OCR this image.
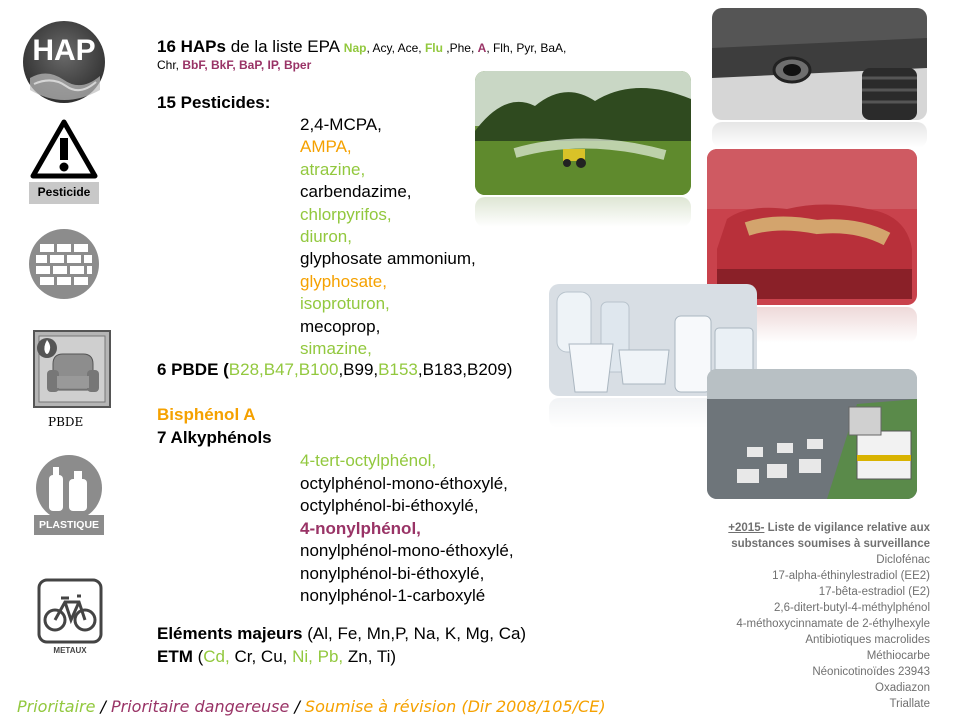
HAP
Pesticide
PBDE
PLASTIQUE
METAUX
16 HAPs de la liste EPA Nap, Acy, Ace, Flu ,Phe, A, Flh, Pyr, BaA,
Chr, BbF, BkF, BaP, IP, Bper
15 Pesticides:
2,4-MCPA,
AMPA,
atrazine,
carbendazime,
chlorpyrifos,
diuron,
glyphosate ammonium,
glyphosate,
isoproturon,
mecoprop,
simazine,
6 PBDE (B28,B47,B100,B99,B153,B183,B209)
Bisphénol A
7 Alkyphénols
4-tert-octylphénol,
octylphénol-mono-éthoxylé,
octylphénol-bi-éthoxylé,
4-nonylphénol,
nonylphénol-mono-éthoxylé,
nonylphénol-bi-éthoxylé,
nonylphénol-1-carboxylé
Eléments majeurs (Al, Fe, Mn,P, Na, K, Mg, Ca)
ETM (Cd, Cr, Cu, Ni, Pb, Zn, Ti)
+2015- Liste de vigilance relative aux
substances soumises à surveillance
Diclofénac
17-alpha-éthinylestradiol (EE2)
17-bêta-estradiol (E2)
2,6-ditert-butyl-4-méthylphénol
4-méthoxycinnamate de 2-éthylhexyle
Antibiotiques macrolides
Méthiocarbe
Néonicotinoïdes 23943
Oxadiazon
Triallate
Prioritaire / Prioritaire dangereuse / Soumise à révision (Dir 2008/105/CE)
